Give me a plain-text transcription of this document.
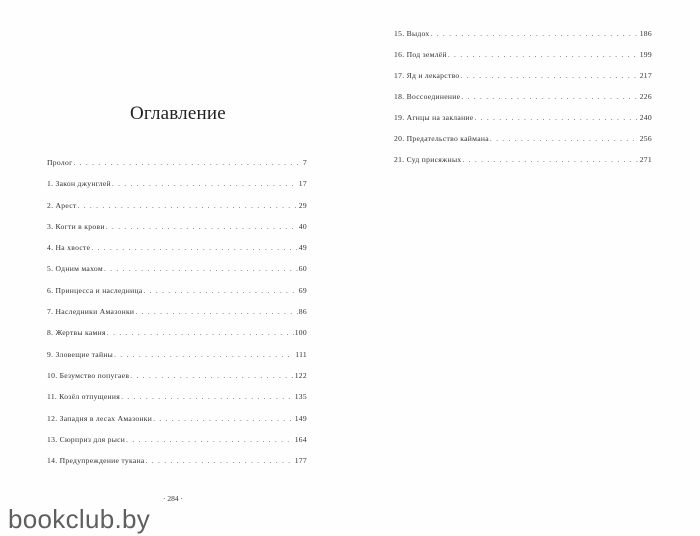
Оглавление
Пролог . . .	7
1. Закон джунглей . . .	17
2. Арест . . .	29
3. Когти в крови . . .	40
4. На хвосте . . .	49
5. Одним махом . . .	60
6. Принцесса и наследница . . .	69
7. Наследники Амазонки . . .	86
8. Жертвы камня . . .	100
9. Зловещие тайны . . .	111
10. Безумство попугаев . . .	122
11. Козёл отпущения . . .	135
12. Западня в лесах Амазонки . . .	149
13. Сюрприз для рыси . . .	164
14. Предупреждение тукана . . .	177
15. Выдох . . .	186
16. Под землёй . . .	199
17. Яд и лекарство . . .	217
18. Воссоединение . . .	226
19. Агнцы на заклание . . .	240
20. Предательство каймана . . .	256
21. Суд присяжных . . .	271
· 284 ·
bookclub.by
